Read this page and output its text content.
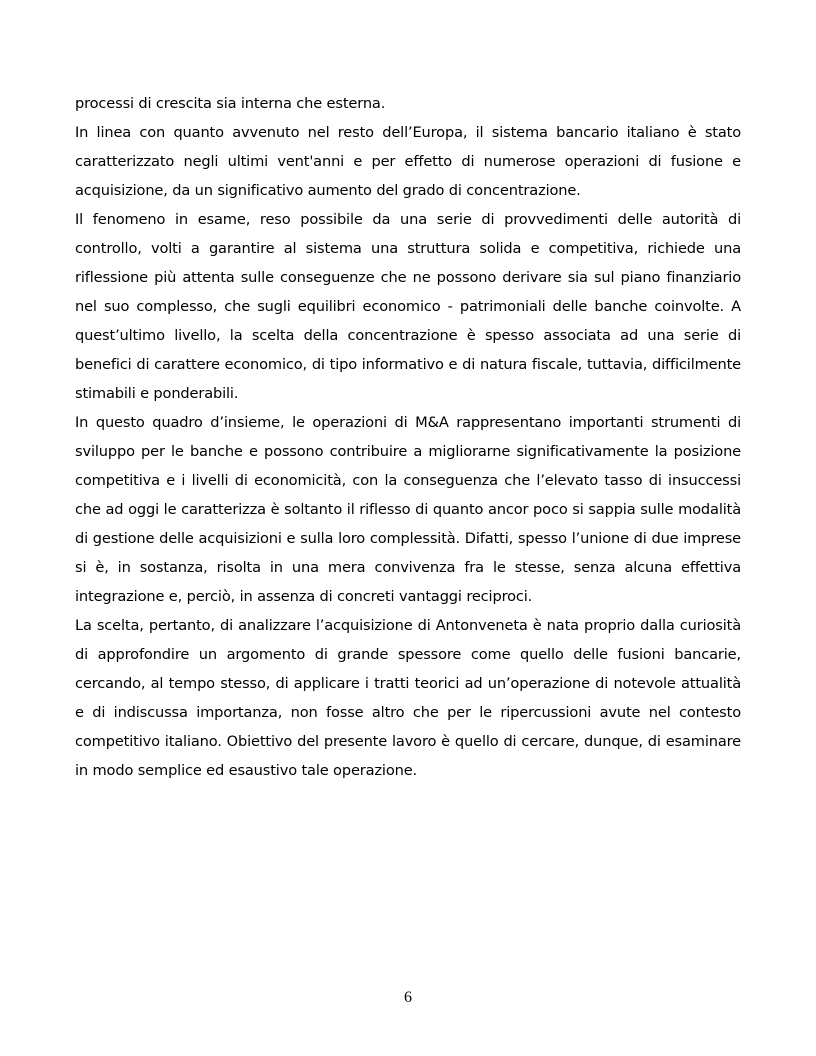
processi di crescita sia interna che esterna.

In linea con quanto avvenuto nel resto dell’Europa, il sistema bancario italiano è stato caratterizzato negli ultimi vent'anni e per effetto di numerose operazioni di fusione e acquisizione, da un significativo aumento del grado di concentrazione.

Il fenomeno in esame, reso possibile da una serie di provvedimenti delle autorità di controllo, volti a garantire al sistema una struttura solida e competitiva, richiede una riflessione più attenta sulle conseguenze che ne possono derivare sia sul piano finanziario nel suo complesso, che sugli equilibri economico - patrimoniali delle banche coinvolte. A quest’ultimo livello, la scelta della concentrazione è spesso associata ad una serie di benefici di carattere economico, di tipo informativo e di natura fiscale, tuttavia, difficilmente stimabili e ponderabili.

In questo quadro d’insieme, le operazioni di M&A rappresentano importanti strumenti di sviluppo per le banche e possono contribuire a migliorarne significativamente la posizione competitiva e i livelli di economicità, con la conseguenza che l’elevato tasso di insuccessi che ad oggi le caratterizza è soltanto il riflesso di quanto ancor poco si sappia sulle modalità di gestione delle acquisizioni e sulla loro complessità. Difatti, spesso l’unione di due imprese si è, in sostanza, risolta in una mera convivenza fra le stesse, senza alcuna effettiva integrazione e, perciò, in assenza di concreti vantaggi reciproci.

La scelta, pertanto, di analizzare l’acquisizione di Antonveneta è nata proprio dalla curiosità di approfondire un argomento di grande spessore come quello delle fusioni bancarie, cercando, al tempo stesso, di applicare i tratti teorici ad un’operazione di notevole attualità e di indiscussa importanza, non fosse altro che per le ripercussioni avute nel contesto competitivo italiano. Obiettivo del presente lavoro è quello di cercare, dunque, di esaminare in modo semplice ed esaustivo tale operazione.

6
